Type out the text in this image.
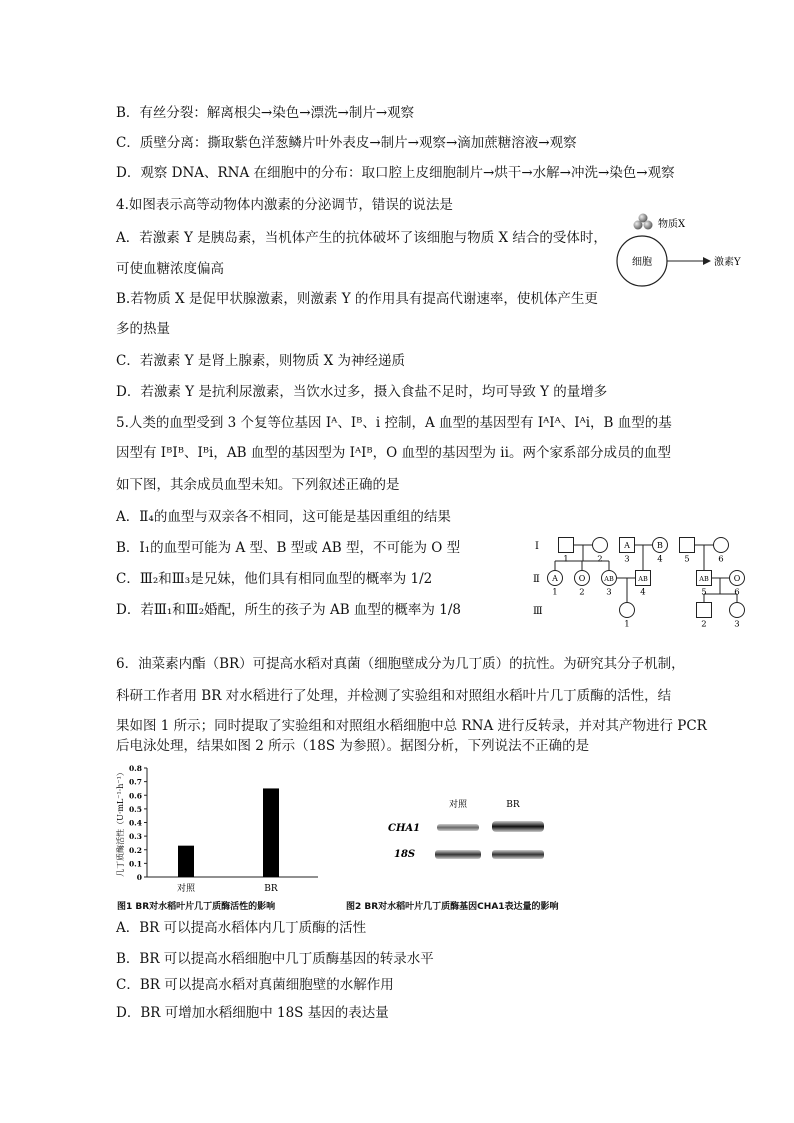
B．有丝分裂：解离根尖→染色→漂洗→制片→观察
C．质壁分离：撕取紫色洋葱鳞片叶外表皮→制片→观察→滴加蔗糖溶液→观察
D．观察 DNA、RNA 在细胞中的分布：取口腔上皮细胞制片→烘干→水解→冲洗→染色→观察
4.如图表示高等动物体内激素的分泌调节，错误的说法是
A．若激素 Y 是胰岛素，当机体产生的抗体破坏了该细胞与物质 X 结合的受体时，
可使血糖浓度偏高
B.若物质 X 是促甲状腺激素，则激素 Y 的作用具有提高代谢速率，使机体产生更
多的热量
C．若激素 Y 是肾上腺素，则物质 X 为神经递质
D．若激素 Y 是抗利尿激素，当饮水过多，摄入食盐不足时，均可导致 Y 的量增多
5.人类的血型受到 3 个复等位基因 Iᴬ、Iᴮ、i 控制，A 血型的基因型有 IᴬIᴬ、Iᴬi，B 血型的基
因型有 IᴮIᴮ、Iᴮi，AB 血型的基因型为 IᴬIᴮ，O 血型的基因型为 ii。两个家系部分成员的血型
如下图，其余成员血型未知。下列叙述正确的是
A．Ⅱ₄的血型与双亲各不相同，这可能是基因重组的结果
B．I₁的血型可能为 A 型、B 型或 AB 型，不可能为 O 型
C．Ⅲ₂和Ⅲ₃是兄妹，他们具有相同血型的概率为 1/2
D．若Ⅲ₁和Ⅲ₂婚配，所生的孩子为 AB 血型的概率为 1/8
6．油菜素内酯（BR）可提高水稻对真菌（细胞壁成分为几丁质）的抗性。为研究其分子机制，
科研工作者用 BR 对水稻进行了处理，并检测了实验组和对照组水稻叶片几丁质酶的活性，结
果如图 1 所示；同时提取了实验组和对照组水稻细胞中总 RNA 进行反转录，并对其产物进行 PCR
后电泳处理，结果如图 2 所示（18S 为参照）。据图分析，下列说法不正确的是
A．BR 可以提高水稻体内几丁质酶的活性
B．BR 可以提高水稻细胞中几丁质酶基因的转录水平
C．BR 可以提高水稻对真菌细胞壁的水解作用
D．BR 可增加水稻细胞中 18S 基因的表达量
物质X
细胞	激素Y
I
Ⅱ
Ⅲ
1	2
A
3
B
4	5	6
A
1
O
2
AB
3
AB
4
AB
5
O
6
1	2	3
0
0.1
0.2
0.3
0.4
0.5
0.6
0.7
0.8
几丁质酶活性（U·mL⁻¹·h⁻¹）
对照	BR
图1 BR对水稻叶片几丁质酶活性的影响
对照	BR
CHA1
18S
图2 BR对水稻叶片几丁质酶基因CHA1表达量的影响
